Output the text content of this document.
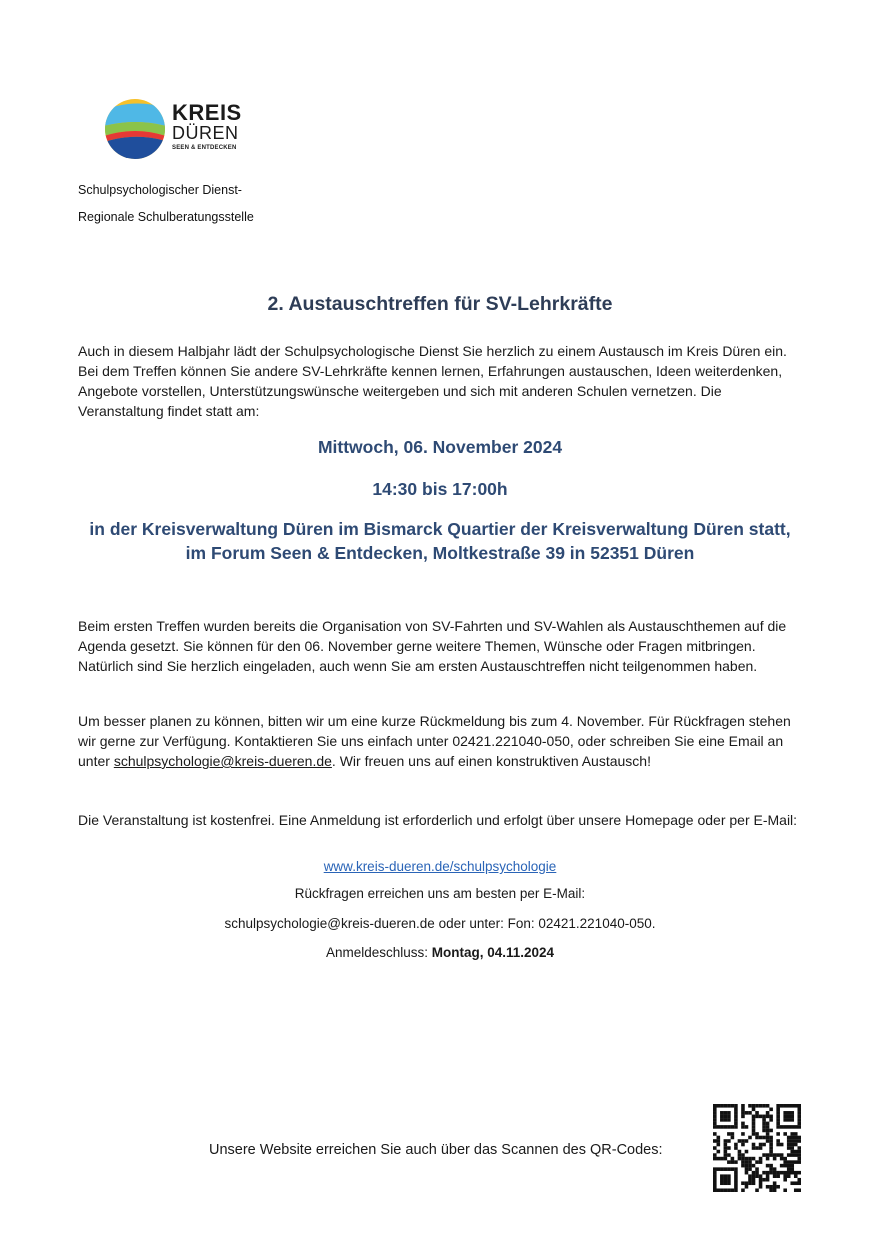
KREIS
DÜREN
SEEN & ENTDECKEN
Schulpsychologischer Dienst-
Regionale Schulberatungsstelle
2. Austauschtreffen für SV-Lehrkräfte
Auch in diesem Halbjahr lädt der Schulpsychologische Dienst Sie herzlich zu einem Austausch im Kreis Düren ein. Bei dem Treffen können Sie andere SV-Lehrkräfte kennen lernen, Erfahrungen austauschen, Ideen weiterdenken, Angebote vorstellen, Unterstützungswünsche weitergeben und sich mit anderen Schulen vernetzen. Die Veranstaltung findet statt am:
Mittwoch, 06. November 2024
14:30 bis 17:00h
in der Kreisverwaltung Düren im Bismarck Quartier der Kreisverwaltung Düren statt, im Forum Seen & Entdecken, Moltkestraße 39 in 52351 Düren
Beim ersten Treffen wurden bereits die Organisation von SV-Fahrten und SV-Wahlen als Austauschthemen auf die Agenda gesetzt. Sie können für den 06. November gerne weitere Themen, Wünsche oder Fragen mitbringen. Natürlich sind Sie herzlich eingeladen, auch wenn Sie am ersten Austauschtreffen nicht teilgenommen haben.
Um besser planen zu können, bitten wir um eine kurze Rückmeldung bis zum 4. November. Für Rückfragen stehen wir gerne zur Verfügung. Kontaktieren Sie uns einfach unter 02421.221040-050, oder schreiben Sie eine Email an unter schulpsychologie@kreis-dueren.de. Wir freuen uns auf einen konstruktiven Austausch!
Die Veranstaltung ist kostenfrei. Eine Anmeldung ist erforderlich und erfolgt über unsere Homepage oder per E-Mail:
www.kreis-dueren.de/schulpsychologie
Rückfragen erreichen uns am besten per E-Mail:
schulpsychologie@kreis-dueren.de oder unter: Fon: 02421.221040-050.
Anmeldeschluss: Montag, 04.11.2024
Unsere Website erreichen Sie auch über das Scannen des QR-Codes:
